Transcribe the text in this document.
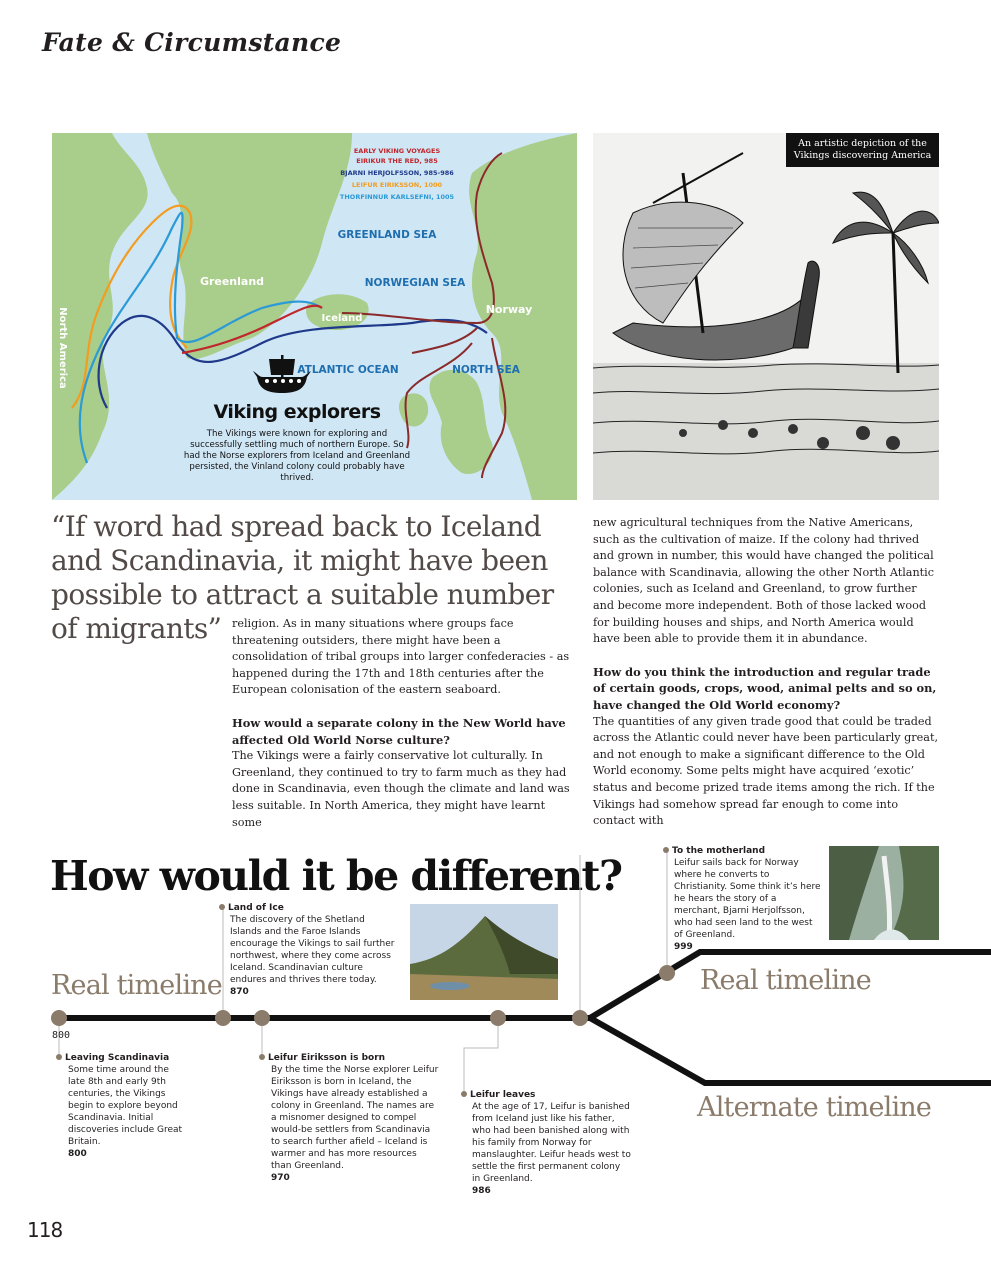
Fate & Circumstance
EARLY VIKING VOYAGES
EIRIKUR THE RED, 985
BJARNI HERJOLFSSON, 985-986
LEIFUR EIRIKSSON, 1000
THORFINNUR KARLSEFNI, 1005
Greenland
Iceland
Norway
North America
GREENLAND SEA
NORWEGIAN SEA
ATLANTIC OCEAN	NORTH SEA
Viking explorers
The Vikings were known for exploring and successfully settling much of northern Europe. So had the Norse explorers from Iceland and Greenland persisted, the Vinland colony could probably have thrived.
An artistic depiction of the Vikings discovering America
“If word had spread back to Iceland and Scandinavia, it might have been possible to attract a suitable number of migrants” religion. As in many situations where groups face threatening outsiders, there might have been a consolidation of tribal groups into larger confederacies - as happened during the 17th and 18th centuries after the European colonisation of the eastern seaboard.

How would a separate colony in the New World have affected Old World Norse culture?

The Vikings were a fairly conservative lot culturally. In Greenland, they continued to try to farm much as they had done in Scandinavia, even though the climate and land was less suitable. In North America, they might have learnt some

new agricultural techniques from the Native Americans, such as the cultivation of maize. If the colony had thrived and grown in number, this would have changed the political balance with Scandinavia, allowing the other North Atlantic colonies, such as Iceland and Greenland, to grow further and become more independent. Both of those lacked wood for building houses and ships, and North America would have been able to provide them it in abundance.

How do you think the introduction and regular trade of certain goods, crops, wood, animal pelts and so on, have changed the Old World economy?

The quantities of any given trade good that could be traded across the Atlantic could never have been particularly great, and not enough to make a significant difference to the Old World economy. Some pelts might have acquired ‘exotic’ status and become prized trade items among the rich. If the Vikings had somehow spread far enough to come into contact with

How would it be different?
Real timeline	Real timeline
Alternate timeline
800
Leaving Scandinavia
Some time around the late 8th and early 9th centuries, the Vikings begin to explore beyond Scandinavia. Initial discoveries include Great Britain.
800
Land of Ice
The discovery of the Shetland Islands and the Faroe Islands encourage the Vikings to sail further northwest, where they come across Iceland. Scandinavian culture endures and thrives there today.
870
Leifur Eiriksson is born
By the time the Norse explorer Leifur Eiriksson is born in Iceland, the Vikings have already established a colony in Greenland. The names are a misnomer designed to compel would-be settlers from Scandinavia to search further afield – Iceland is warmer and has more resources than Greenland.
970
Leifur leaves
At the age of 17, Leifur is banished from Iceland just like his father, who had been banished along with his family from Norway for manslaughter. Leifur heads west to settle the first permanent colony in Greenland.
986
To the motherland
Leifur sails back for Norway where he converts to Christianity. Some think it’s here he hears the story of a merchant, Bjarni Herjolfsson, who had seen land to the west of Greenland.
999
118
